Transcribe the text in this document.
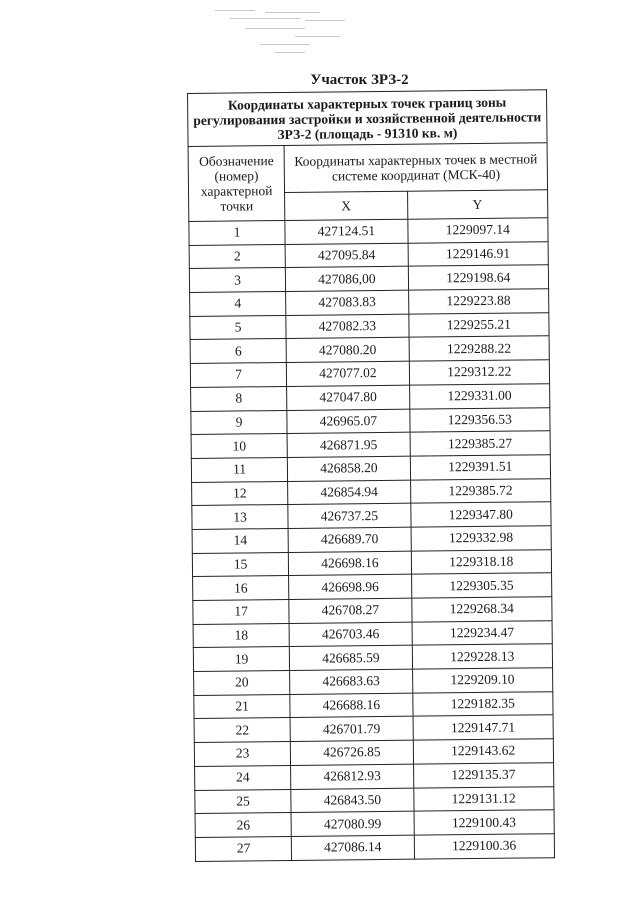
Участок ЗРЗ-2
Координаты характерных точек границ зоны регулирования застройки и хозяйственной деятельности ЗРЗ-2 (площадь - 91310 кв. м)		
Обозначение (номер) характерной точки	Координаты характерных точек в местной системе координат (МСК-40)	
	X	Y
1	427124.51	1229097.14
2	427095.84	1229146.91
3	427086,00	1229198.64
4	427083.83	1229223.88
5	427082.33	1229255.21
6	427080.20	1229288.22
7	427077.02	1229312.22
8	427047.80	1229331.00
9	426965.07	1229356.53
10	426871.95	1229385.27
11	426858.20	1229391.51
12	426854.94	1229385.72
13	426737.25	1229347.80
14	426689.70	1229332.98
15	426698.16	1229318.18
16	426698.96	1229305.35
17	426708.27	1229268.34
18	426703.46	1229234.47
19	426685.59	1229228.13
20	426683.63	1229209.10
21	426688.16	1229182.35
22	426701.79	1229147.71
23	426726.85	1229143.62
24	426812.93	1229135.37
25	426843.50	1229131.12
26	427080.99	1229100.43
27	427086.14	1229100.36
